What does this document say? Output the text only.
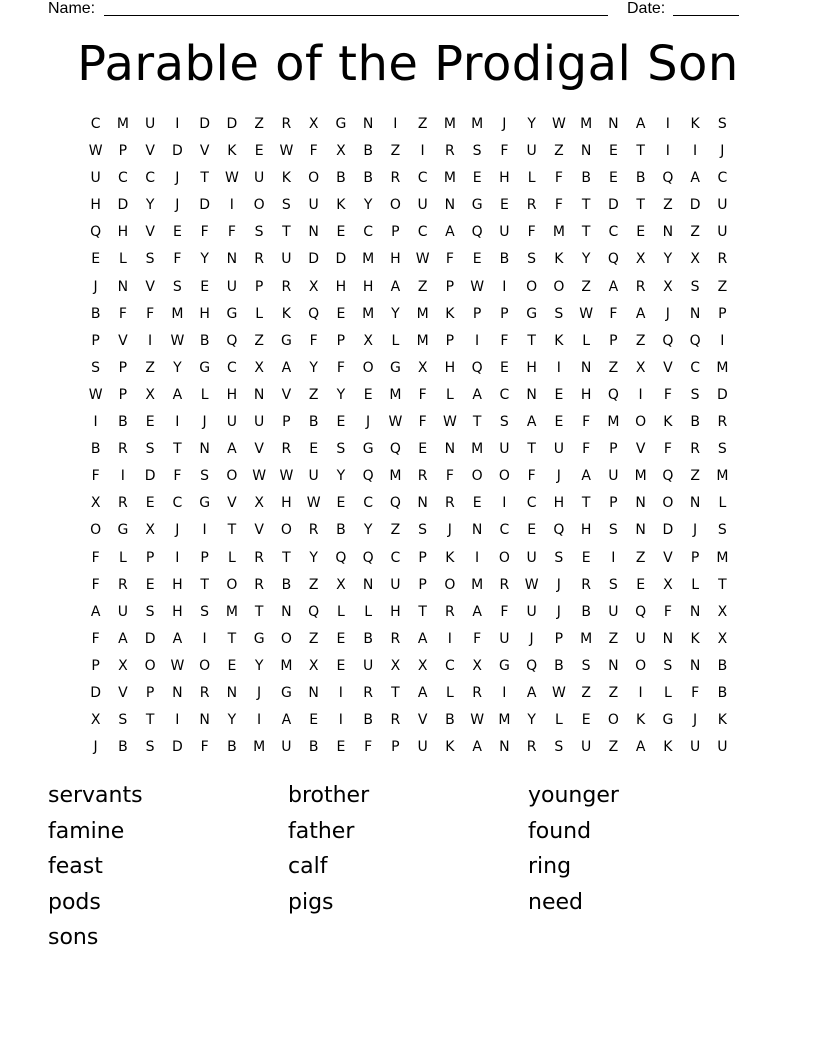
Name:	Date:
Parable of the Prodigal Son
C	M	U	I	D	D	Z	R	X	G	N	I	Z	M	M	J	Y	W	M	N	A	I	K	S
W	P	V	D	V	K	E	W	F	X	B	Z	I	R	S	F	U	Z	N	E	T	I	I	J
U	C	C	J	T	W	U	K	O	B	B	R	C	M	E	H	L	F	B	E	B	Q	A	C
H	D	Y	J	D	I	O	S	U	K	Y	O	U	N	G	E	R	F	T	D	T	Z	D	U
Q	H	V	E	F	F	S	T	N	E	C	P	C	A	Q	U	F	M	T	C	E	N	Z	U
E	L	S	F	Y	N	R	U	D	D	M	H	W	F	E	B	S	K	Y	Q	X	Y	X	R
J	N	V	S	E	U	P	R	X	H	H	A	Z	P	W	I	O	O	Z	A	R	X	S	Z
B	F	F	M	H	G	L	K	Q	E	M	Y	M	K	P	P	G	S	W	F	A	J	N	P
P	V	I	W	B	Q	Z	G	F	P	X	L	M	P	I	F	T	K	L	P	Z	Q	Q	I
S	P	Z	Y	G	C	X	A	Y	F	O	G	X	H	Q	E	H	I	N	Z	X	V	C	M
W	P	X	A	L	H	N	V	Z	Y	E	M	F	L	A	C	N	E	H	Q	I	F	S	D
I	B	E	I	J	U	U	P	B	E	J	W	F	W	T	S	A	E	F	M	O	K	B	R
B	R	S	T	N	A	V	R	E	S	G	Q	E	N	M	U	T	U	F	P	V	F	R	S
F	I	D	F	S	O	W W	U	Y	Q	M	R	F	O	O	F	J	A	U	M	Q	Z	M
X	R	E	C	G	V	X	H	W	E	C	Q	N	R	E	I	C	H	T	P	N	O	N	L
O	G	X	J	I	T	V	O	R	B	Y	Z	S	J	N	C	E	Q	H	S	N	D	J	S
F	L	P	I	P	L	R	T	Y	Q	Q	C	P	K	I	O	U	S	E	I	Z	V	P	M
F	R	E	H	T	O	R	B	Z	X	N	U	P	O	M	R	W	J	R	S	E	X	L	T
A	U	S	H	S	M	T	N	Q	L	L	H	T	R	A	F	U	J	B	U	Q	F	N	X
F	A	D	A	I	T	G	O	Z	E	B	R	A	I	F	U	J	P	M	Z	U	N	K	X
P	X	O	W	O	E	Y	M	X	E	U	X	X	C	X	G	Q	B	S	N	O	S	N	B
D	V	P	N	R	N	J	G	N	I	R	T	A	L	R	I	A	W	Z	Z	I	L	F	B
X	S	T	I	N	Y	I	A	E	I	B	R	V	B	W	M	Y	L	E	O	K	G	J	K
J	B	S	D	F	B	M	U	B	E	F	P	U	K	A	N	R	S	U	Z	A	K	U	U
servants	brother	younger
famine	father	found
feast	calf	ring
pods	pigs	need
sons
